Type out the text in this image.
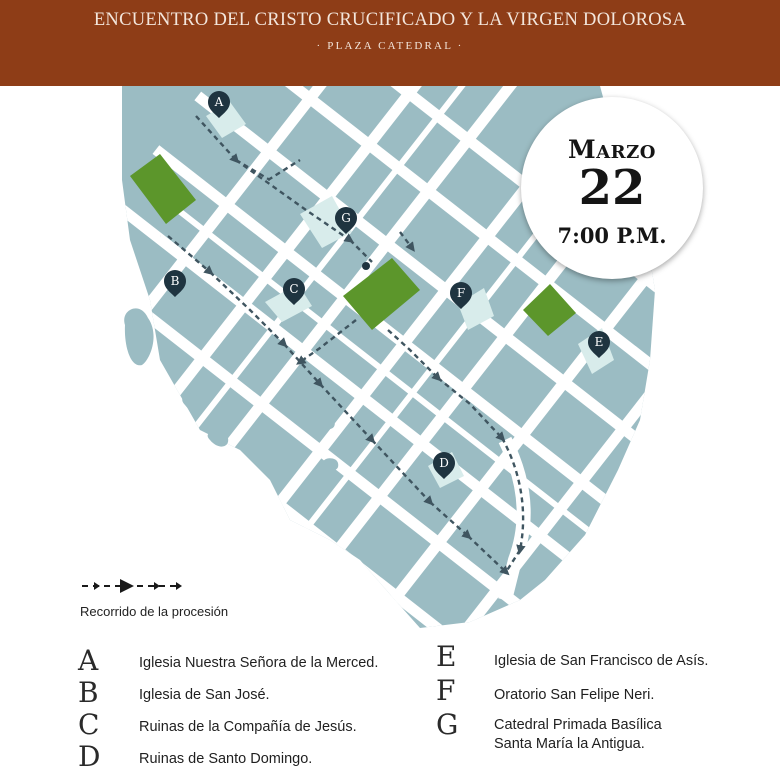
ENCUENTRO DEL CRISTO CRUCIFICADO Y LA VIRGEN DOLOROSA
· PLAZA CATEDRAL ·
A
B
C
D
E
F
G
Marzo
22
7:00 P.M.
Recorrido de la procesión
A	Iglesia Nuestra Señora de la Merced.
B	Iglesia de San José.
C	Ruinas de la Compañía de Jesús.
D	Ruinas de Santo Domingo.
E	Iglesia de San Francisco de Asís.
F	Oratorio San Felipe Neri.
G	Catedral Primada Basílica
Santa María la Antigua.
